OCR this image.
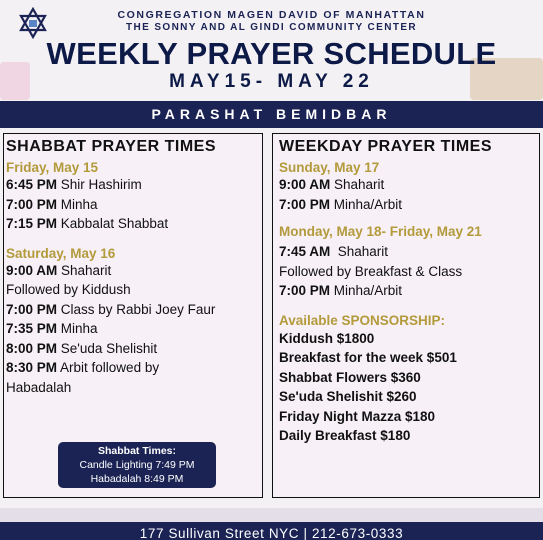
CONGREGATION MAGEN DAVID OF MANHATTAN
THE SONNY AND AL GINDI COMMUNITY CENTER
WEEKLY PRAYER SCHEDULE
MAY15- MAY 22
PARASHAT BEMIDBAR
SHABBAT PRAYER TIMES
Friday, May 15
6:45 PM Shir Hashirim
7:00 PM Minha
7:15 PM Kabbalat Shabbat
Saturday, May 16
9:00 AM Shaharit
Followed by Kiddush
7:00 PM Class by Rabbi Joey Faur
7:35 PM Minha
8:00 PM Se'uda Shelishit
8:30 PM Arbit followed by
Habadalah
Shabbat Times:
Candle Lighting 7:49 PM
Habadalah 8:49 PM
WEEKDAY PRAYER TIMES
Sunday, May 17
9:00 AM Shaharit
7:00 PM Minha/Arbit
Monday, May 18- Friday, May 21
7:45 AM  Shaharit
Followed by Breakfast & Class
7:00 PM Minha/Arbit
Available SPONSORSHIP:
Kiddush $1800
Breakfast for the week $501
Shabbat Flowers $360
Se'uda Shelishit $260
Friday Night Mazza $180
Daily Breakfast $180
177 Sullivan Street NYC | 212-673-0333
